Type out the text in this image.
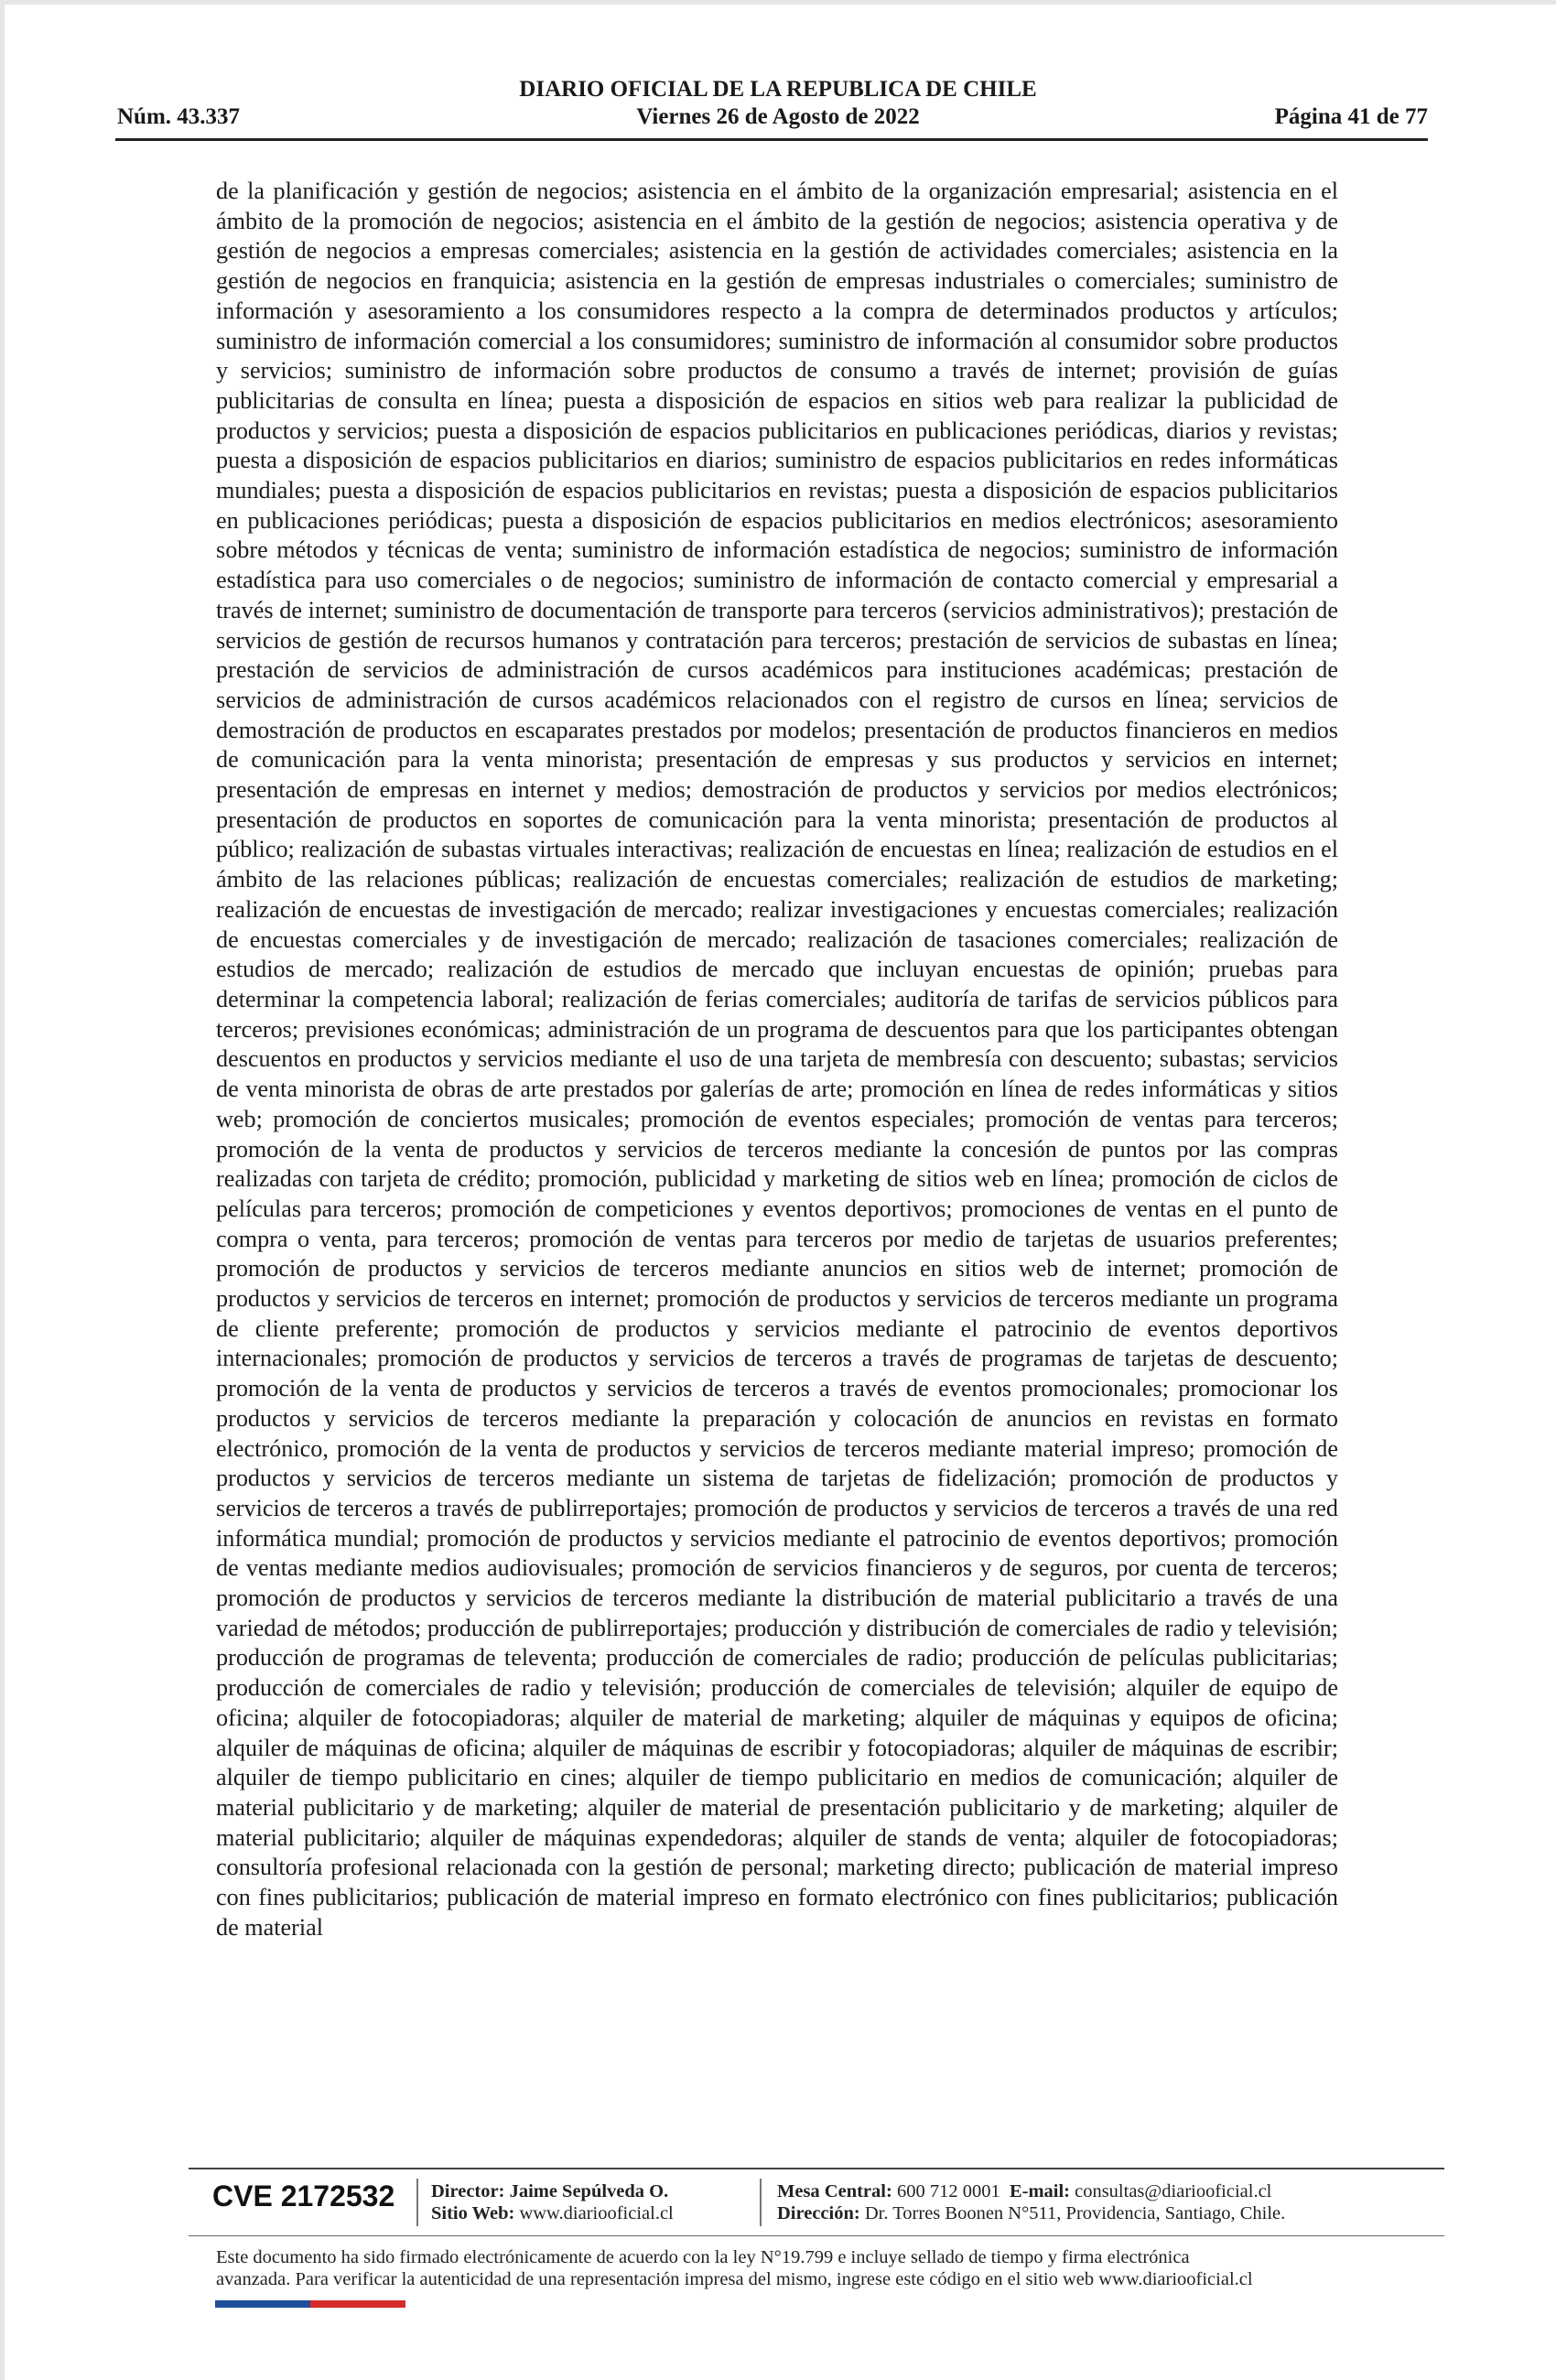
DIARIO OFICIAL DE LA REPUBLICA DE CHILE
Núm. 43.337	Viernes 26 de Agosto de 2022	Página 41 de 77
de la planificación y gestión de negocios; asistencia en el ámbito de la organización empresarial; asistencia en el ámbito de la promoción de negocios; asistencia en el ámbito de la gestión de negocios; asistencia operativa y de gestión de negocios a empresas comerciales; asistencia en la gestión de actividades comerciales; asistencia en la gestión de negocios en franquicia; asistencia en la gestión de empresas industriales o comerciales; suministro de información y asesoramiento a los consumidores respecto a la compra de determinados productos y artículos; suministro de información comercial a los consumidores; suministro de información al consumidor sobre productos y servicios; suministro de información sobre productos de consumo a través de internet; provisión de guías publicitarias de consulta en línea; puesta a disposición de espacios en sitios web para realizar la publicidad de productos y servicios; puesta a disposición de espacios publicitarios en publicaciones periódicas, diarios y revistas; puesta a disposición de espacios publicitarios en diarios; suministro de espacios publicitarios en redes informáticas mundiales; puesta a disposición de espacios publicitarios en revistas; puesta a disposición de espacios publicitarios en publicaciones periódicas; puesta a disposición de espacios publicitarios en medios electrónicos; asesoramiento sobre métodos y técnicas de venta; suministro de información estadística de negocios; suministro de información estadística para uso comerciales o de negocios; suministro de información de contacto comercial y empresarial a través de internet; suministro de documentación de transporte para terceros (servicios administrativos); prestación de servicios de gestión de recursos humanos y contratación para terceros; prestación de servicios de subastas en línea; prestación de servicios de administración de cursos académicos para instituciones académicas; prestación de servicios de administración de cursos académicos relacionados con el registro de cursos en línea; servicios de demostración de productos en escaparates prestados por modelos; presentación de productos financieros en medios de comunicación para la venta minorista; presentación de empresas y sus productos y servicios en internet; presentación de empresas en internet y medios; demostración de productos y servicios por medios electrónicos; presentación de productos en soportes de comunicación para la venta minorista; presentación de productos al público; realización de subastas virtuales interactivas; realización de encuestas en línea; realización de estudios en el ámbito de las relaciones públicas; realización de encuestas comerciales; realización de estudios de marketing; realización de encuestas de investigación de mercado; realizar investigaciones y encuestas comerciales; realización de encuestas comerciales y de investigación de mercado; realización de tasaciones comerciales; realización de estudios de mercado; realización de estudios de mercado que incluyan encuestas de opinión; pruebas para determinar la competencia laboral; realización de ferias comerciales; auditoría de tarifas de servicios públicos para terceros; previsiones económicas; administración de un programa de descuentos para que los participantes obtengan descuentos en productos y servicios mediante el uso de una tarjeta de membresía con descuento; subastas; servicios de venta minorista de obras de arte prestados por galerías de arte; promoción en línea de redes informáticas y sitios web; promoción de conciertos musicales; promoción de eventos especiales; promoción de ventas para terceros; promoción de la venta de productos y servicios de terceros mediante la concesión de puntos por las compras realizadas con tarjeta de crédito; promoción, publicidad y marketing de sitios web en línea; promoción de ciclos de películas para terceros; promoción de competiciones y eventos deportivos; promociones de ventas en el punto de compra o venta, para terceros; promoción de ventas para terceros por medio de tarjetas de usuarios preferentes; promoción de productos y servicios de terceros mediante anuncios en sitios web de internet; promoción de productos y servicios de terceros en internet; promoción de productos y servicios de terceros mediante un programa de cliente preferente; promoción de productos y servicios mediante el patrocinio de eventos deportivos internacionales; promoción de productos y servicios de terceros a través de programas de tarjetas de descuento; promoción de la venta de productos y servicios de terceros a través de eventos promocionales; promocionar los productos y servicios de terceros mediante la preparación y colocación de anuncios en revistas en formato electrónico, promoción de la venta de productos y servicios de terceros mediante material impreso; promoción de productos y servicios de terceros mediante un sistema de tarjetas de fidelización; promoción de productos y servicios de terceros a través de publirreportajes; promoción de productos y servicios de terceros a través de una red informática mundial; promoción de productos y servicios mediante el patrocinio de eventos deportivos; promoción de ventas mediante medios audiovisuales; promoción de servicios financieros y de seguros, por cuenta de terceros; promoción de productos y servicios de terceros mediante la distribución de material publicitario a través de una variedad de métodos; producción de publirreportajes; producción y distribución de comerciales de radio y televisión; producción de programas de televenta; producción de comerciales de radio; producción de películas publicitarias; producción de comerciales de radio y televisión; producción de comerciales de televisión; alquiler de equipo de oficina; alquiler de fotocopiadoras; alquiler de material de marketing; alquiler de máquinas y equipos de oficina; alquiler de máquinas de oficina; alquiler de máquinas de escribir y fotocopiadoras; alquiler de máquinas de escribir; alquiler de tiempo publicitario en cines; alquiler de tiempo publicitario en medios de comunicación; alquiler de material publicitario y de marketing; alquiler de material de presentación publicitario y de marketing; alquiler de material publicitario; alquiler de máquinas expendedoras; alquiler de stands de venta; alquiler de fotocopiadoras; consultoría profesional relacionada con la gestión de personal; marketing directo; publicación de material impreso con fines publicitarios; publicación de material impreso en formato electrónico con fines publicitarios; publicación de material
CVE 2172532 Director: Jaime Sepúlveda O.
Sitio Web: www.diariooficial.cl
Mesa Central: 600 712 0001 E-mail: consultas@diariooficial.cl
Dirección: Dr. Torres Boonen N°511, Providencia, Santiago, Chile.
Este documento ha sido firmado electrónicamente de acuerdo con la ley N°19.799 e incluye sellado de tiempo y firma electrónica
avanzada. Para verificar la autenticidad de una representación impresa del mismo, ingrese este código en el sitio web www.diariooficial.cl
